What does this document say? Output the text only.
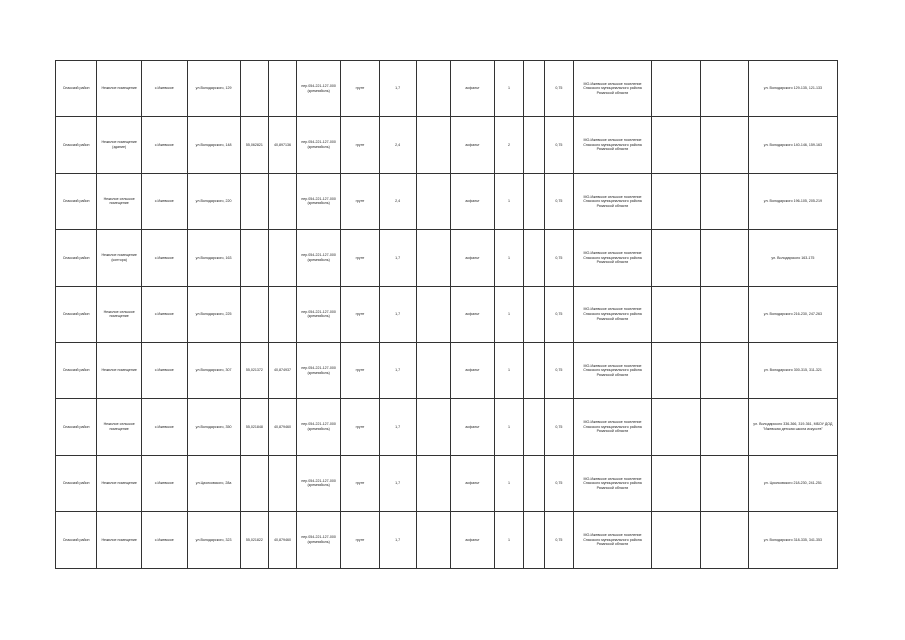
Спасский район	Нежилое помещение	с.Ижевское	ул.Володарского, 129			пер.054-221-127-000 (кремнийоль)	грунт	1,7		асфальт	1		0,75	МО-Ижевское сельское поселение Спасского муниципального района Рязанской области			ул. Володарского 129-135, 121-133
Спасский район	Нежилое помещение (здание)	с.Ижевское	ул.Володарского, 148	55,062821	40,897136	пер.054-221-127-000 (кремнийоль)	грунт	2,4		асфальт	2		0,75	МО-Ижевское сельское поселение Спасского муниципального района Рязанской области			ул. Володарского 140-146, 159-163
Спасский район	Нежилое сельское помещение	с.Ижевское	ул.Володарского, 220			пер.054-221-127-000 (кремнийоль)	грунт	2,4		асфальт	1		0,75	МО-Ижевское сельское поселение Спасского муниципального района Рязанской области			ул. Володарского 196-105, 205-219
Спасский район	Нежилое помещение (контора)	с.Ижевское	ул.Володарского, 163			пер.054-221-127-000 (кремнийоль)	грунт	1,7		асфальт	1		0,75	МО-Ижевское сельское поселение Спасского муниципального района Рязанской области			ул. Володарского 163-175
Спасский район	Нежилое сельское помещение	с.Ижевское	ул.Володарского, 225			пер.054-221-127-000 (кремнийоль)	грунт	1,7		асфальт	1		0,75	МО-Ижевское сельское поселение Спасского муниципального района Рязанской области			ул. Володарского 216-230, 247-263
Спасский район	Нежилое помещение	с.Ижевское	ул.Володарского, 307	55,021372	40,874937	пер.054-221-127-000 (кремнийоль)	грунт	1,7		асфальт	1		0,75	МО-Ижевское сельское поселение Спасского муниципального района Рязанской области			ул. Володарского 300-315, 311-321
Спасский район	Нежилое сельское помещение	с.Ижевское	ул.Володарского, 350	55,021848	40,879460	пер.054-221-127-000 (кремнийоль)	грунт	1,7		асфальт	1		0,75	МО-Ижевское сельское поселение Спасского муниципального района Рязанской области			ул. Володарского 336-366, 319-361, МБОУ ДОД "Ижевская детская школа искусств"
Спасский район	Нежилое помещение	с.Ижевское	ул.Циолковского, 28а			пер.054-221-127-000 (кремнийоль)	грунт	1,7		асфальт	1		0,75	МО-Ижевское сельское поселение Спасского муниципального района Рязанской области			ул. Циолковского 218-230, 241-251
Спасский район	Нежилое помещение	с.Ижевское	ул.Володарского, 323	55,021822	40,879460	пер.054-221-127-000 (кремнийоль)	грунт	1,7		асфальт	1		0,75	МО-Ижевское сельское поселение Спасского муниципального района Рязанской области			ул. Володарского 318-335, 341-353
